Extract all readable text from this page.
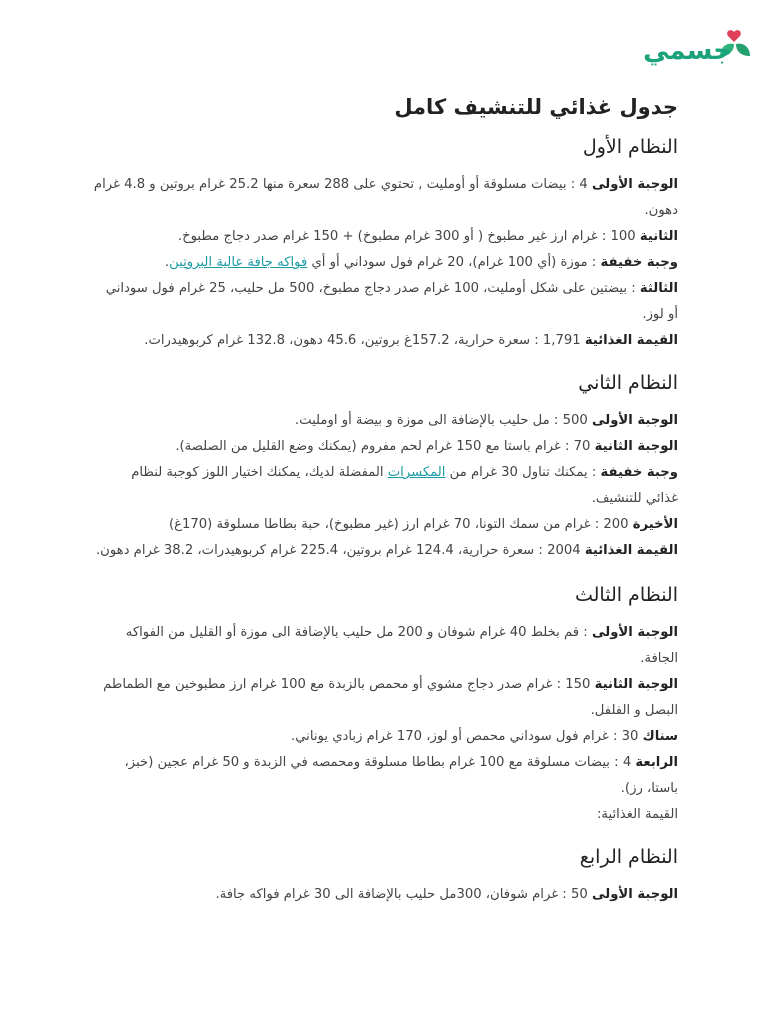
جسمي
جدول غذائي للتنشيف كامل
النظام الأول

الوجبة الأولى 4 : بيضات مسلوقة أو أومليت , تحتوي على 288 سعرة منها 25.2 غرام بروتين و 4.8 غرام
دهون.

الثانية 100 : غرام ارز غير مطبوخ ( أو 300 غرام مطبوخ) + 150 غرام صدر دجاج مطبوخ.

وجبة خفيفة : موزة (أي 100 غرام)، 20 غرام فول سوداني أو أي فواكه جافة عالية البروتين.

الثالثة : بيضتين على شكل أومليت، 100 غرام صدر دجاج مطبوخ، 500 مل حليب، 25 غرام فول سوداني
أو لوز.

القيمة الغذائية 1,791 : سعرة حرارية، 157.2غ بروتين، 45.6 دهون، 132.8 غرام كربوهيدرات.

النظام الثاني

الوجبة الأولى 500 : مل حليب بالإضافة الى موزة و بيضة أو اومليت.

الوجبة الثانية 70 : غرام باستا مع 150 غرام لحم مفروم (يمكنك وضع القليل من الصلصة).

وجبة خفيفة : يمكنك تناول 30 غرام من المكسرات المفضلة لديك، يمكنك اختيار اللوز كوجبة لنظام
غذائي للتنشيف.

الأخيرة 200 : غرام من سمك التونا، 70 غرام ارز (غير مطبوخ)، حبة بطاطا مسلوقة (170غ)

القيمة الغذائية 2004 : سعرة حرارية، 124.4 غرام بروتين، 225.4 غرام كربوهيدرات، 38.2 غرام دهون.

النظام الثالث

الوجبة الأولى : قم بخلط 40 غرام شوفان و 200 مل حليب بالإضافة الى موزة أو القليل من الفواكه
الجافة.

الوجبة الثانية 150 : غرام صدر دجاج مشوي أو محمص بالزبدة مع 100 غرام ارز مطبوخين مع الطماطم
البصل و الفلفل.

سناك 30 : غرام فول سوداني محمص أو لوز، 170 غرام زبادي يوناني.

الرابعة 4 : بيضات مسلوقة مع 100 غرام بطاطا مسلوقة ومحمصه في الزبدة و 50 غرام عجين (خبز،
باستا، رز).

القيمة الغذائية:

النظام الرابع

الوجبة الأولى 50 : غرام شوفان، 300مل حليب بالإضافة الى 30 غرام فواكه جافة.
